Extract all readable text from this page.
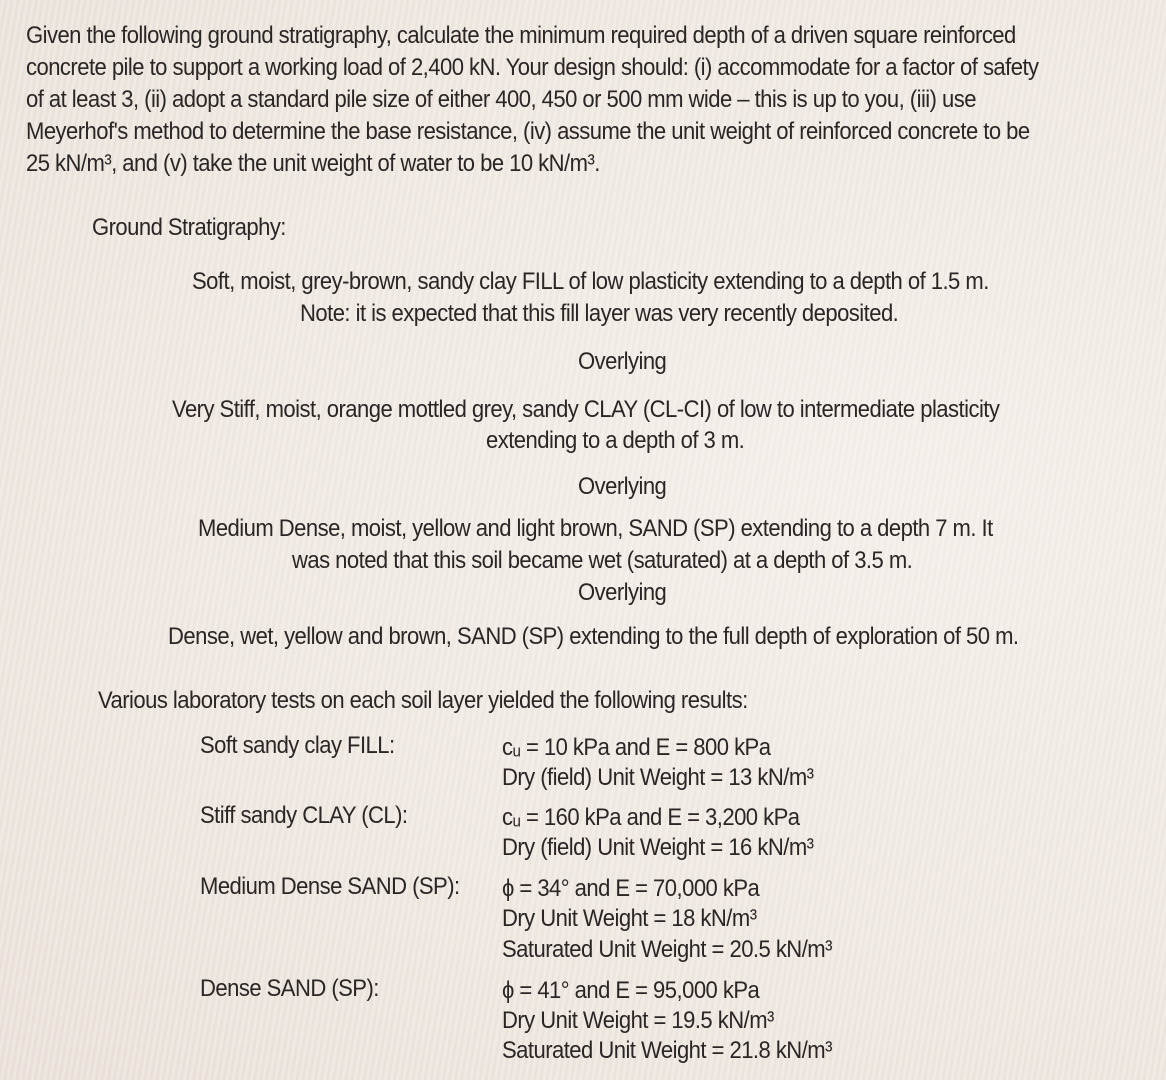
Given the following ground stratigraphy, calculate the minimum required depth of a driven square reinforced
concrete pile to support a working load of 2,400 kN. Your design should: (i) accommodate for a factor of safety
of at least 3, (ii) adopt a standard pile size of either 400, 450 or 500 mm wide – this is up to you, (iii) use
Meyerhof's method to determine the base resistance, (iv) assume the unit weight of reinforced concrete to be
25 kN/m³, and (v) take the unit weight of water to be 10 kN/m³.
Ground Stratigraphy:
Soft, moist, grey-brown, sandy clay FILL of low plasticity extending to a depth of 1.5 m.
Note: it is expected that this fill layer was very recently deposited.
Overlying
Very Stiff, moist, orange mottled grey, sandy CLAY (CL-CI) of low to intermediate plasticity
extending to a depth of 3 m.
Overlying
Medium Dense, moist, yellow and light brown, SAND (SP) extending to a depth 7 m. It
was noted that this soil became wet (saturated) at a depth of 3.5 m.
Overlying
Dense, wet, yellow and brown, SAND (SP) extending to the full depth of exploration of 50 m.
Various laboratory tests on each soil layer yielded the following results:
Soft sandy clay FILL:	cᵤ = 10 kPa and E = 800 kPa
Dry (field) Unit Weight = 13 kN/m³
Stiff sandy CLAY (CL):	cᵤ = 160 kPa and E = 3,200 kPa
Dry (field) Unit Weight = 16 kN/m³
Medium Dense SAND (SP): ϕ = 34° and E = 70,000 kPa
Dry Unit Weight = 18 kN/m³
Saturated Unit Weight = 20.5 kN/m³
Dense SAND (SP):	ϕ = 41° and E = 95,000 kPa
Dry Unit Weight = 19.5 kN/m³
Saturated Unit Weight = 21.8 kN/m³
